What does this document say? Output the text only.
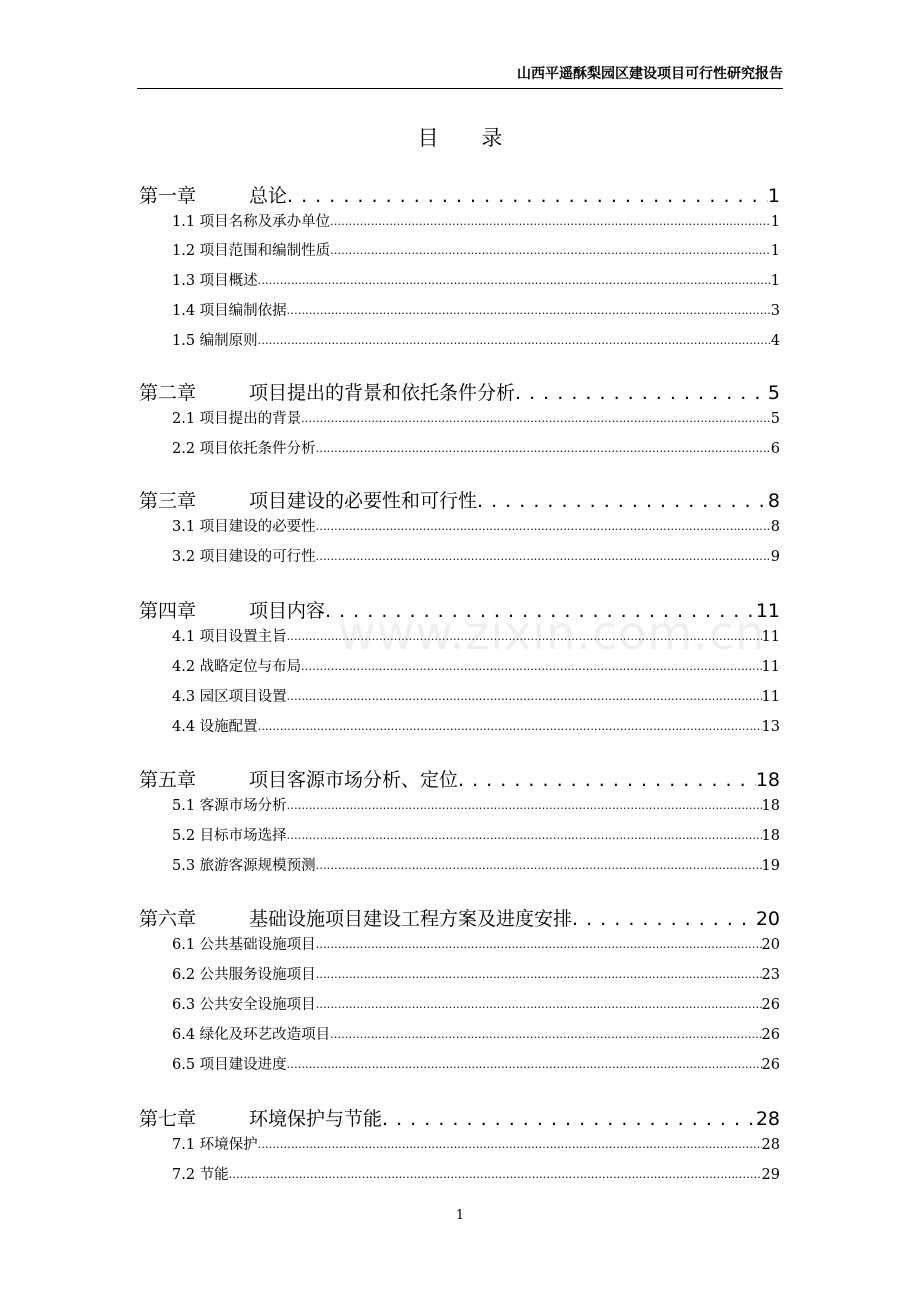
山西平遥酥梨园区建设项目可行性研究报告
目 录
www.zixin.com.cn
第一章	总论 . . .	1
1.1 项目名称及承办单位 .....	1
1.2 项目范围和编制性质 .....	1
1.3 项目概述 .....	1
1.4 项目编制依据 .....	3
1.5 编制原则 .....	4
第二章	项目提出的背景和依托条件分析 . . .	5
2.1 项目提出的背景 .....	5
2.2 项目依托条件分析 .....	6
第三章	项目建设的必要性和可行性 . . .	8
3.1 项目建设的必要性 .....	8
3.2 项目建设的可行性 .....	9
第四章	项目内容 . . .	11
4.1 项目设置主旨 .....	11
4.2 战略定位与布局 .....	11
4.3 园区项目设置 .....	11
4.4 设施配置 .....	13
第五章	项目客源市场分析、定位 . . .	18
5.1 客源市场分析 .....	18
5.2 目标市场选择 .....	18
5.3 旅游客源规模预测 .....	19
第六章	基础设施项目建设工程方案及进度安排 . . .	20
6.1 公共基础设施项目 .....	20
6.2 公共服务设施项目 .....	23
6.3 公共安全设施项目 .....	26
6.4 绿化及环艺改造项目 .....	26
6.5 项目建设进度 .....	26
第七章	环境保护与节能 . . .	28
7.1 环境保护 .....	28
7.2 节能 .....	29
1
